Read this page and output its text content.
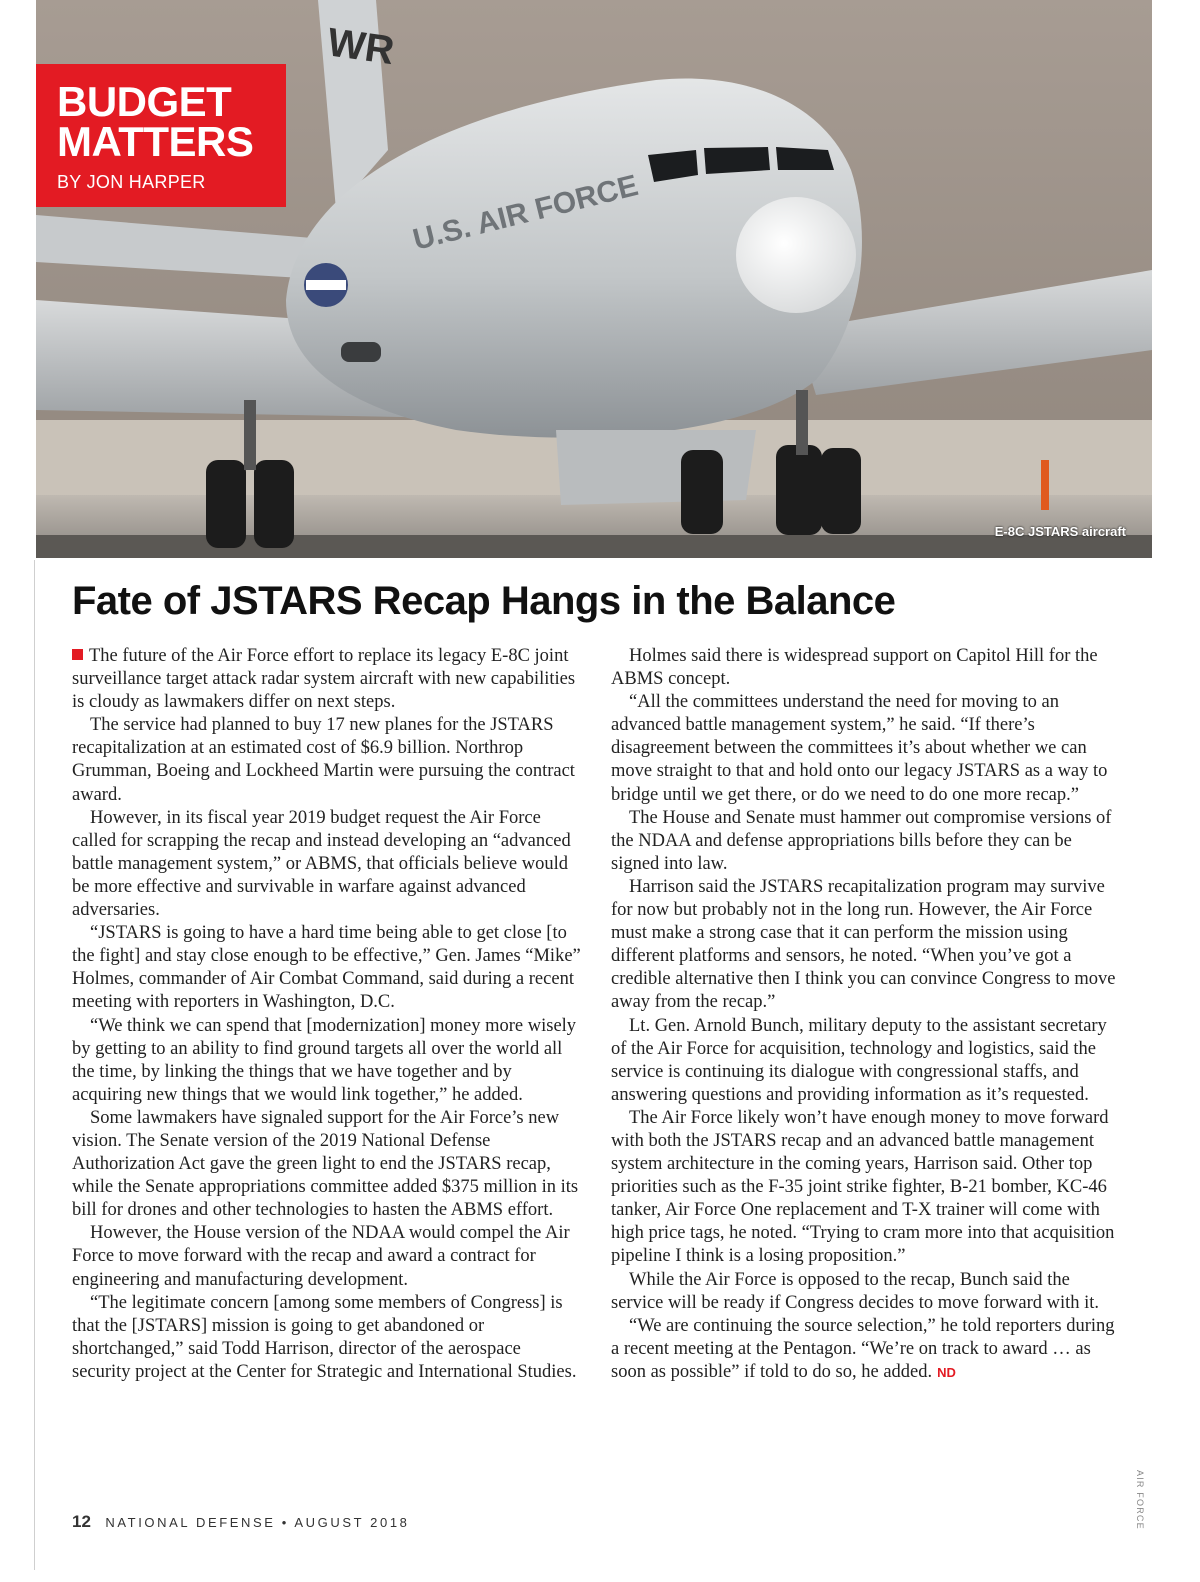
WR
U.S. AIR FORCE
BUDGET
MATTERS
BY JON HARPER
E-8C JSTARS aircraft
Fate of JSTARS Recap Hangs in the Balance

The future of the Air Force effort to replace its legacy E-8C joint surveillance target attack radar system aircraft with new capabilities is cloudy as lawmakers differ on next steps.

The service had planned to buy 17 new planes for the JSTARS recapitalization at an estimated cost of $6.9 billion. Northrop Grumman, Boeing and Lockheed Martin were pursuing the contract award.

However, in its fiscal year 2019 budget request the Air Force called for scrapping the recap and instead developing an “advanced battle management system,” or ABMS, that officials believe would be more effective and survivable in warfare against advanced adversaries.

“JSTARS is going to have a hard time being able to get close [to the fight] and stay close enough to be effective,” Gen. James “Mike” Holmes, commander of Air Combat Command, said during a recent meeting with reporters in Washington, D.C.

“We think we can spend that [modernization] money more wisely by getting to an ability to find ground targets all over the world all the time, by linking the things that we have together and by acquiring new things that we would link together,” he added.

Some lawmakers have signaled support for the Air Force’s new vision. The Senate version of the 2019 National Defense Authorization Act gave the green light to end the JSTARS recap, while the Senate appropriations committee added $375 million in its bill for drones and other technologies to hasten the ABMS effort.

However, the House version of the NDAA would compel the Air Force to move forward with the recap and award a contract for engineering and manufacturing development.

“The legitimate concern [among some members of Congress] is that the [JSTARS] mission is going to get abandoned or shortchanged,” said Todd Harrison, director of the aerospace security project at the Center for Strategic and International Studies.

Holmes said there is widespread support on Capitol Hill for the ABMS concept.

“All the committees understand the need for moving to an advanced battle management system,” he said. “If there’s disagreement between the committees it’s about whether we can move straight to that and hold onto our legacy JSTARS as a way to bridge until we get there, or do we need to do one more recap.”

The House and Senate must hammer out compromise versions of the NDAA and defense appropriations bills before they can be signed into law.

Harrison said the JSTARS recapitalization program may survive for now but probably not in the long run. However, the Air Force must make a strong case that it can perform the mission using different platforms and sensors, he noted. “When you’ve got a credible alternative then I think you can convince Congress to move away from the recap.”

Lt. Gen. Arnold Bunch, military deputy to the assistant secretary of the Air Force for acquisition, technology and logistics, said the service is continuing its dialogue with congressional staffs, and answering questions and providing information as it’s requested.

The Air Force likely won’t have enough money to move forward with both the JSTARS recap and an advanced battle management system architecture in the coming years, Harrison said. Other top priorities such as the F-35 joint strike fighter, B-21 bomber, KC-46 tanker, Air Force One replacement and T-X trainer will come with high price tags, he noted. “Trying to cram more into that acquisition pipeline I think is a losing proposition.”

While the Air Force is opposed to the recap, Bunch said the service will be ready if Congress decides to move forward with it.

“We are continuing the source selection,” he told reporters during a recent meeting at the Pentagon. “We’re on track to award … as soon as possible” if told to do so, he added. ND

AIR FORCE
12 NATIONAL DEFENSE • AUGUST 2018
